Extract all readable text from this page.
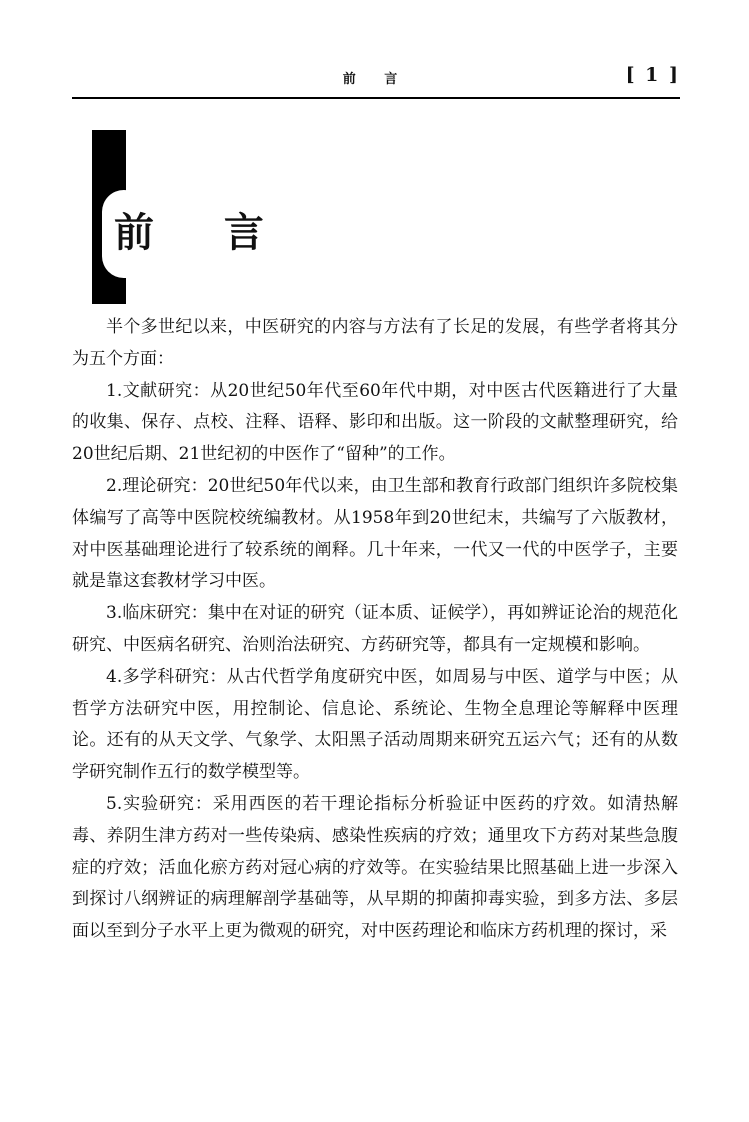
前 言	[ 1 ]
前 言

半个多世纪以来，中医研究的内容与方法有了长足的发展，有些学者将其分为五个方面：

1.文献研究：从20世纪50年代至60年代中期，对中医古代医籍进行了大量的收集、保存、点校、注释、语释、影印和出版。这一阶段的文献整理研究，给20世纪后期、21世纪初的中医作了“留种”的工作。

2.理论研究：20世纪50年代以来，由卫生部和教育行政部门组织许多院校集体编写了高等中医院校统编教材。从1958年到20世纪末，共编写了六版教材，对中医基础理论进行了较系统的阐释。几十年来，一代又一代的中医学子，主要就是靠这套教材学习中医。

3.临床研究：集中在对证的研究（证本质、证候学），再如辨证论治的规范化研究、中医病名研究、治则治法研究、方药研究等，都具有一定规模和影响。

4.多学科研究：从古代哲学角度研究中医，如周易与中医、道学与中医；从哲学方法研究中医，用控制论、信息论、系统论、生物全息理论等解释中医理论。还有的从天文学、气象学、太阳黑子活动周期来研究五运六气；还有的从数学研究制作五行的数学模型等。

5.实验研究：采用西医的若干理论指标分析验证中医药的疗效。如清热解毒、养阴生津方药对一些传染病、感染性疾病的疗效；通里攻下方药对某些急腹症的疗效；活血化瘀方药对冠心病的疗效等。在实验结果比照基础上进一步深入到探讨八纲辨证的病理解剖学基础等，从早期的抑菌抑毒实验，到多方法、多层面以至到分子水平上更为微观的研究，对中医药理论和临床方药机理的探讨，采
